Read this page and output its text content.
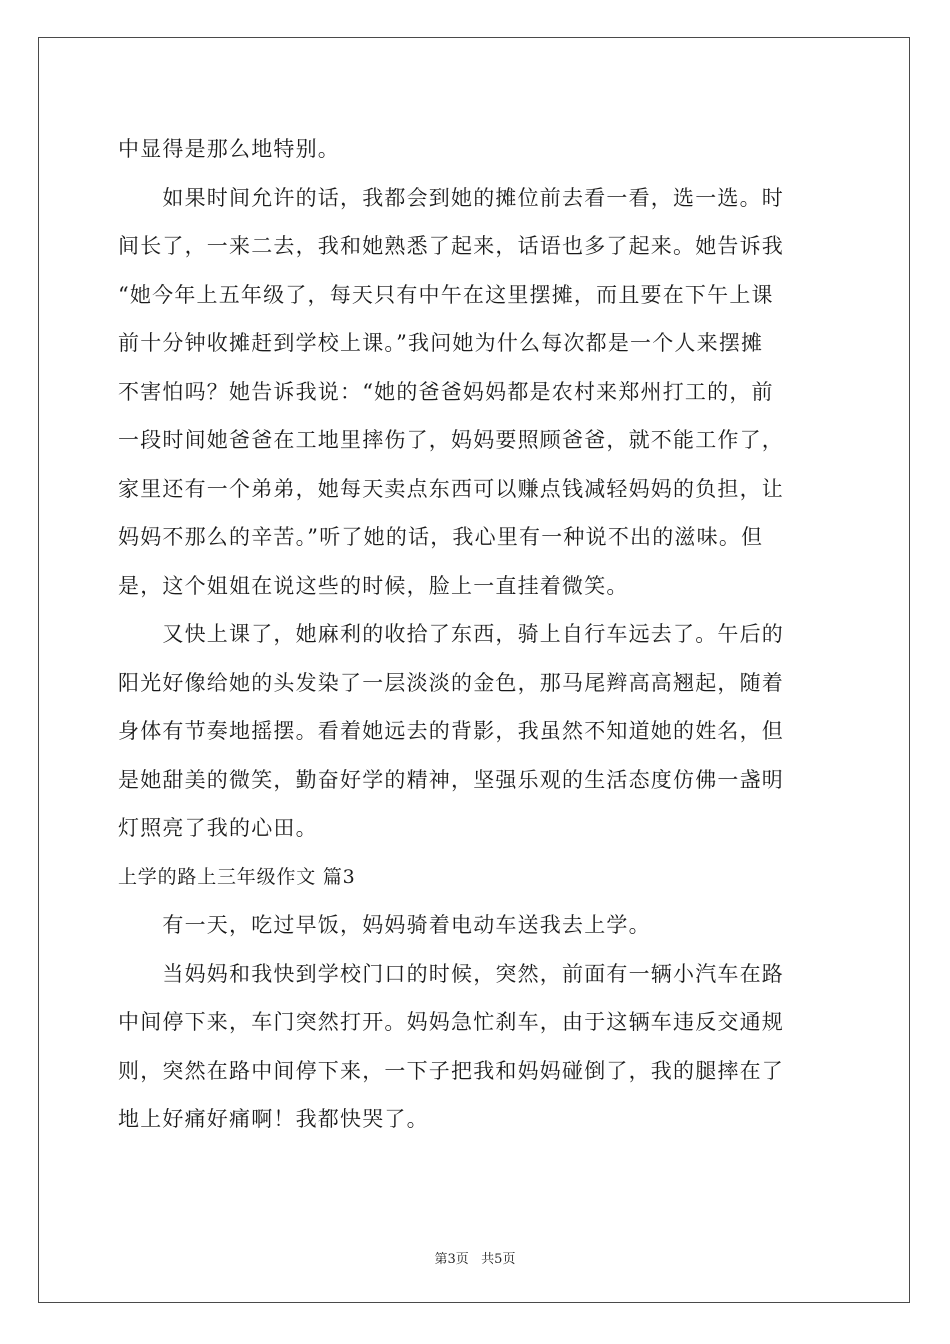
中显得是那么地特别。
　　如果时间允许的话，我都会到她的摊位前去看一看，选一选。时
间长了，一来二去，我和她熟悉了起来，话语也多了起来。她告诉我
“她今年上五年级了，每天只有中午在这里摆摊，而且要在下午上课
前十分钟收摊赶到学校上课。”我问她为什么每次都是一个人来摆摊
不害怕吗？她告诉我说：“她的爸爸妈妈都是农村来郑州打工的，前
一段时间她爸爸在工地里摔伤了，妈妈要照顾爸爸，就不能工作了，
家里还有一个弟弟，她每天卖点东西可以赚点钱减轻妈妈的负担，让
妈妈不那么的辛苦。”听了她的话，我心里有一种说不出的滋味。但
是，这个姐姐在说这些的时候，脸上一直挂着微笑。
　　又快上课了，她麻利的收拾了东西，骑上自行车远去了。午后的
阳光好像给她的头发染了一层淡淡的金色，那马尾辫高高翘起，随着
身体有节奏地摇摆。看着她远去的背影，我虽然不知道她的姓名，但
是她甜美的微笑，勤奋好学的精神，坚强乐观的生活态度仿佛一盏明
灯照亮了我的心田。
上学的路上三年级作文 篇3
　　有一天，吃过早饭，妈妈骑着电动车送我去上学。
　　当妈妈和我快到学校门口的时候，突然，前面有一辆小汽车在路
中间停下来，车门突然打开。妈妈急忙刹车，由于这辆车违反交通规
则，突然在路中间停下来，一下子把我和妈妈碰倒了，我的腿摔在了
地上好痛好痛啊！我都快哭了。
第3页   共5页
